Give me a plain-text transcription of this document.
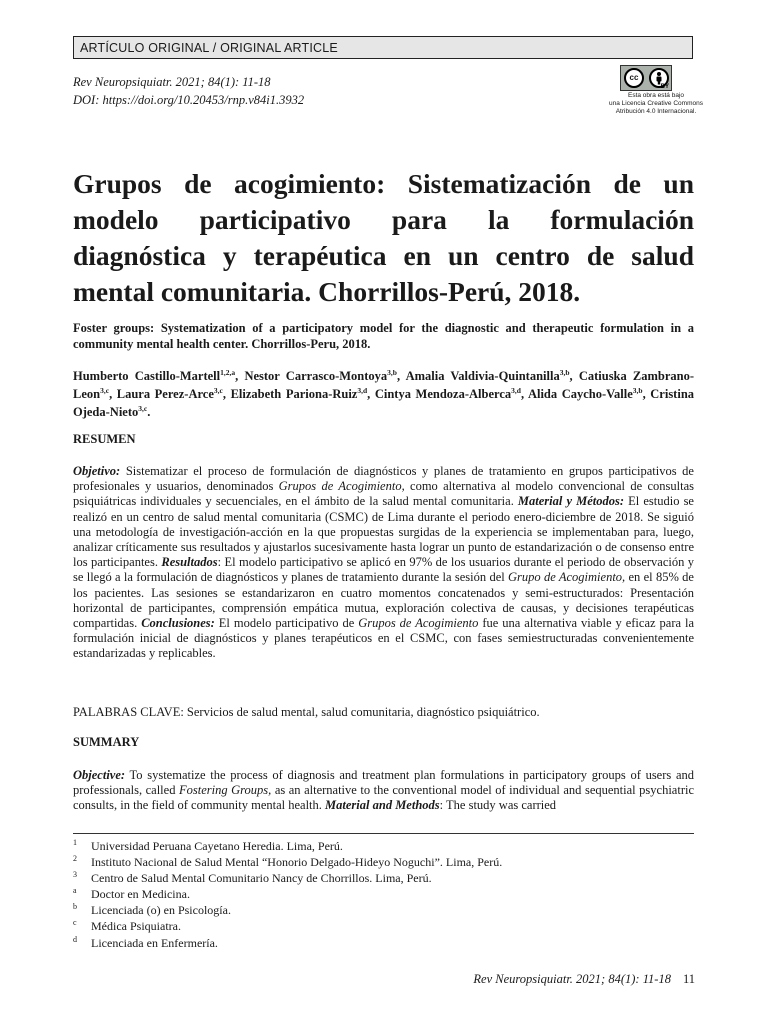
ARTÍCULO ORIGINAL / ORIGINAL ARTICLE
Rev Neuropsiquiatr. 2021; 84(1): 11-18
DOI: https://doi.org/10.20453/rnp.v84i1.3932
cc
BY
Esta obra está bajo
una Licencia Creative Commons
Atribución 4.0 Internacional.
Grupos de acogimiento: Sistematización de un modelo participativo para la formulación diagnóstica y terapéutica en un centro de salud mental comunitaria. Chorrillos-Perú, 2018.

Foster groups: Systematization of a participatory model for the diagnostic and therapeutic formulation in a community mental health center. Chorrillos-Peru, 2018.

Humberto Castillo-Martell$^{1,2,a}$, Nestor Carrasco-Montoya$^{3,b}$, Amalia Valdivia-Quintanilla$^{3,b}$, Catiuska Zambrano-Leon$^{3,c}$, Laura Perez-Arce$^{3,c}$, Elizabeth Pariona-Ruiz$^{3,d}$, Cintya Mendoza-Alberca$^{3,d}$, Alida Caycho-Valle$^{3,b}$, Cristina Ojeda-Nieto$^{3,c}$.

RESUMEN

Objetivo: Sistematizar el proceso de formulación de diagnósticos y planes de tratamiento en grupos participativos de profesionales y usuarios, denominados Grupos de Acogimiento, como alternativa al modelo convencional de consultas psiquiátricas individuales y secuenciales, en el ámbito de la salud mental comunitaria. Material y Métodos: El estudio se realizó en un centro de salud mental comunitaria (CSMC) de Lima durante el periodo enero-diciembre de 2018. Se siguió una metodología de investigación-acción en la que propuestas surgidas de la experiencia se implementaban para, luego, analizar críticamente sus resultados y ajustarlos sucesivamente hasta lograr un punto de estandarización o de consenso entre los participantes. Resultados: El modelo participativo se aplicó en 97% de los usuarios durante el periodo de observación y se llegó a la formulación de diagnósticos y planes de tratamiento durante la sesión del Grupo de Acogimiento, en el 85% de los pacientes. Las sesiones se estandarizaron en cuatro momentos concatenados y semi-estructurados: Presentación horizontal de participantes, comprensión empática mutua, exploración colectiva de causas, y decisiones terapéuticas compartidas. Conclusiones: El modelo participativo de Grupos de Acogimiento fue una alternativa viable y eficaz para la formulación inicial de diagnósticos y planes terapéuticos en el CSMC, con fases semiestructuradas convenientemente estandarizadas y replicables.

PALABRAS CLAVE: Servicios de salud mental, salud comunitaria, diagnóstico psiquiátrico.

SUMMARY

Objective: To systematize the process of diagnosis and treatment plan formulations in participatory groups of users and professionals, called Fostering Groups, as an alternative to the conventional model of individual and sequential psychiatric consults, in the field of community mental health. Material and Methods: The study was carried

1 Universidad Peruana Cayetano Heredia. Lima, Perú.
2 Instituto Nacional de Salud Mental “Honorio Delgado-Hideyo Noguchi”. Lima, Perú.
3 Centro de Salud Mental Comunitario Nancy de Chorrillos. Lima, Perú.
a Doctor en Medicina.
b Licenciada (o) en Psicología.
c Médica Psiquiatra.
d Licenciada en Enfermería.
Rev Neuropsiquiatr. 2021; 84(1): 11-18 11
